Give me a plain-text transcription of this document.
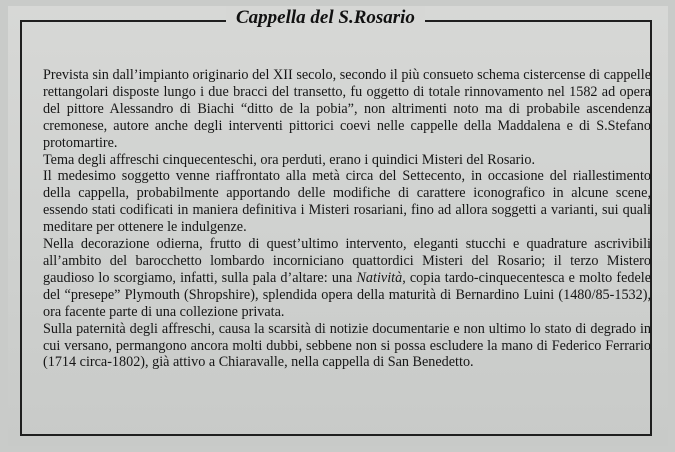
Cappella del S.Rosario

Prevista sin dall’impianto originario del XII secolo, secondo il più consueto schema cistercense di cappelle rettangolari disposte lungo i due bracci del transetto, fu oggetto di totale rinnovamento nel 1582 ad opera del pittore Alessandro di Biachi “ditto de la pobia”, non altrimenti noto ma di probabile ascendenza cremonese, autore anche degli interventi pittorici coevi nelle cappelle della Maddalena e di S.Stefano protomartire.

Tema degli affreschi cinquecenteschi, ora perduti, erano i quindici Misteri del Rosario.

Il medesimo soggetto venne riaffrontato alla metà circa del Settecento, in occasione del riallestimento della cappella, probabilmente apportando delle modifiche di carattere iconografico in alcune scene, essendo stati codificati in maniera definitiva i Misteri rosariani, fino ad allora soggetti a varianti, sui quali meditare per ottenere le indulgenze.

Nella decorazione odierna, frutto di quest’ultimo intervento, eleganti stucchi e quadrature ascrivibili all’ambito del barocchetto lombardo incorniciano quattordici Misteri del Rosario; il terzo Mistero gaudioso lo scorgiamo, infatti, sulla pala d’altare: una Natività, copia tardo-cinquecentesca e molto fedele del “presepe” Plymouth (Shropshire), splendida opera della maturità di Bernardino Luini (1480/85-1532), ora facente parte di una collezione privata.

Sulla paternità degli affreschi, causa la scarsità di notizie documentarie e non ultimo lo stato di degrado in cui versano, permangono ancora molti dubbi, sebbene non si possa escludere la mano di Federico Ferrario (1714 circa-1802), già attivo a Chiaravalle, nella cappella di San Benedetto.
